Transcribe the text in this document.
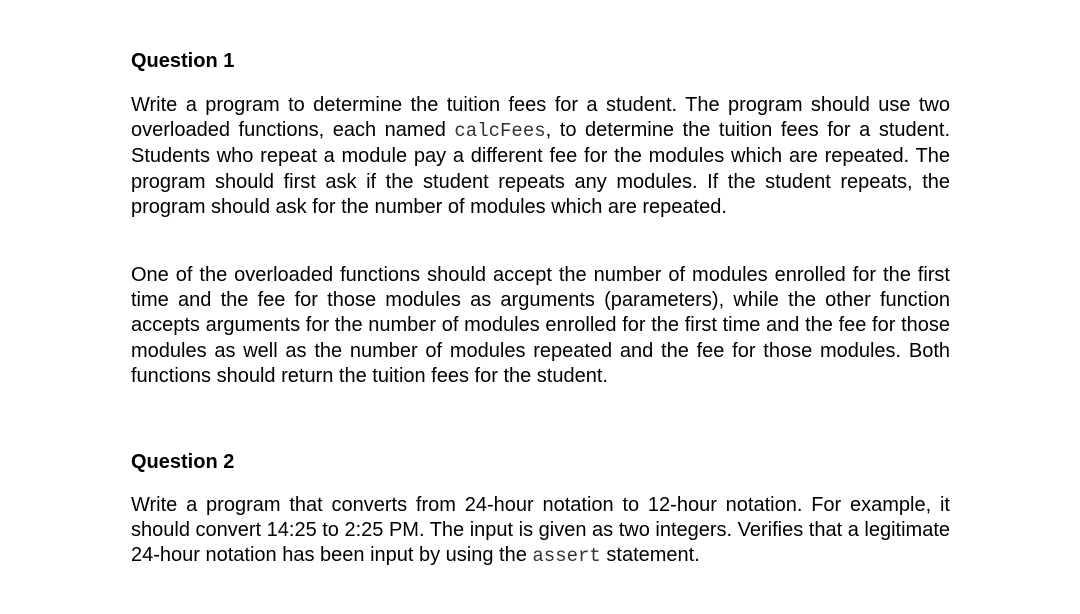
Question 1

Write a program to determine the tuition fees for a student. The program should use two overloaded functions, each named calcFees, to determine the tuition fees for a student. Students who repeat a module pay a different fee for the modules which are repeated. The program should first ask if the student repeats any modules. If the student repeats, the program should ask for the number of modules which are repeated.

One of the overloaded functions should accept the number of modules enrolled for the first time and the fee for those modules as arguments (parameters), while the other function accepts arguments for the number of modules enrolled for the first time and the fee for those modules as well as the number of modules repeated and the fee for those modules. Both functions should return the tuition fees for the student.

Question 2

Write a program that converts from 24-hour notation to 12-hour notation. For example, it should convert 14:25 to 2:25 PM. The input is given as two integers. Verifies that a legitimate 24-hour notation has been input by using the assert statement.
